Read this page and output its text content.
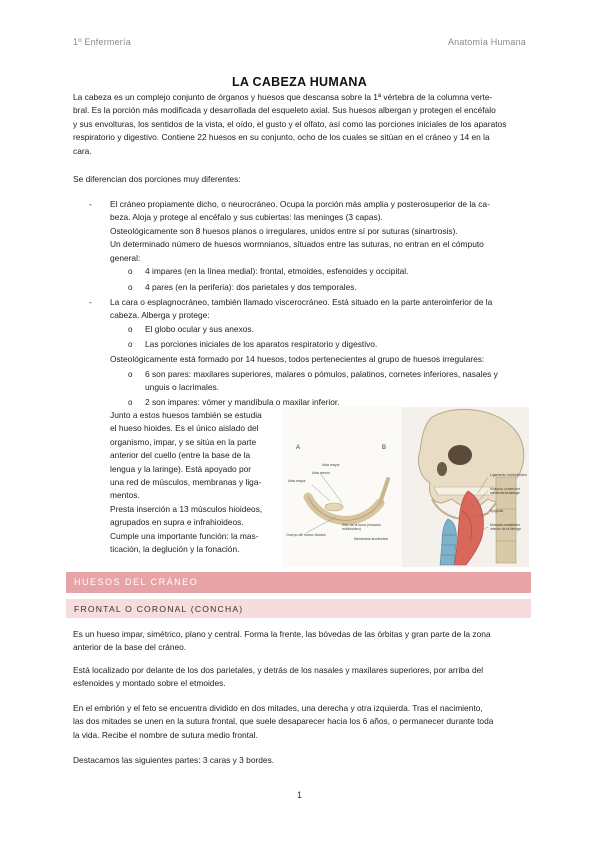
1º Enfermería	Anatomía Humana
LA CABEZA HUMANA
La cabeza es un complejo conjunto de órganos y huesos que descansa sobre la 1ª vértebra de la columna verte-
bral. Es la porción más modificada y desarrollada del esqueleto axial. Sus huesos albergan y protegen el encéfalo
y sus envolturas, los sentidos de la vista, el oído, el gusto y el olfato, así como las porciones iniciales de los aparatos
respiratorio y digestivo. Contiene 22 huesos en su conjunto, ocho de los cuales se sitúan en el cráneo y 14 en la
cara.
Se diferencian dos porciones muy diferentes:
- El cráneo propiamente dicho, o neurocráneo. Ocupa la porción más amplia y posterosuperior de la ca-
beza. Aloja y protege al encéfalo y sus cubiertas: las meninges (3 capas).
Osteológicamente son 8 huesos planos o irregulares, unidos entre sí por suturas (sinartrosis).
Un determinado número de huesos wormnianos, situados entre las suturas, no entran en el cómputo
general:
o 4 impares (en la línea medial): frontal, etmoides, esfenoides y occipital.
o 4 pares (en la periferia): dos parietales y dos temporales.
- La cara o esplagnocráneo, también llamado viscerocráneo. Está situado en la parte anteroinferior de la
cabeza. Alberga y protege:
o El globo ocular y sus anexos.
o Las porciones iniciales de los aparatos respiratorio y digestivo.
Osteológicamente está formado por 14 huesos, todos pertenecientes al grupo de huesos irregulares:
o 6 son pares: maxilares superiores, malares o pómulos, palatinos, cornetes inferiores, nasales y
unguis o lacrimales.
o 2 son impares: vómer y mandíbula o maxilar inferior.
Junto a estos huesos también se estudia
el hueso hioides. Es el único aislado del
organismo, impar, y se sitúa en la parte
anterior del cuello (entre la base de la
lengua y la laringe). Está apoyado por
una red de músculos, membranas y liga-
mentos.
Presta inserción a 13 músculos hioideos,
agrupados en supra e infrahioideos.
Cumple una importante función: la mas-
ticación, la deglución y la fonación.
A	B
Asta mayor
Asta menor
Cuerpo del hueso hioides
Asta mayor
Sitio de la boca (músculo milohioideo)
Membrana tirohioidea
Ligamento estilohioideo
Músculo constrictor medio de la faringe
Epiglotis
Músculo constrictor inferior de la faringe
HUESOS DEL CRÁNEO
FRONTAL O CORONAL (CONCHA)
Es un hueso impar, simétrico, plano y central. Forma la frente, las bóvedas de las órbitas y gran parte de la zona
anterior de la base del cráneo.
Está localizado por delante de los dos parietales, y detrás de los nasales y maxilares superiores, por arriba del
esfenoides y montado sobre el etmoides.
En el embrión y el feto se encuentra dividido en dos mitades, una derecha y otra izquierda. Tras el nacimiento,
las dos mitades se unen en la sutura frontal, que suele desaparecer hacia los 6 años, o permanecer durante toda
la vida. Recibe el nombre de sutura medio frontal.
Destacamos las siguientes partes: 3 caras y 3 bordes.
1
